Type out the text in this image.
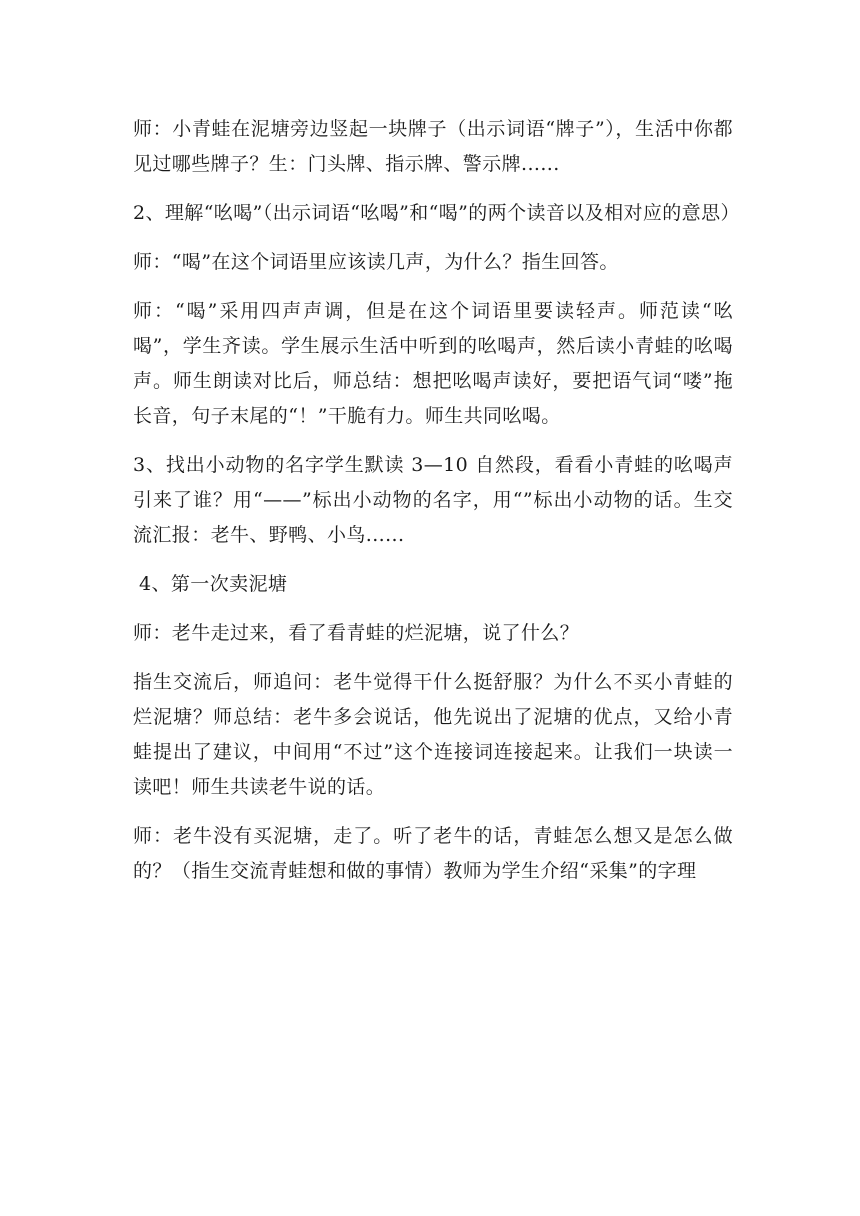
师：小青蛙在泥塘旁边竖起一块牌子（出示词语“牌子”），生活中你都见过哪些牌子？生：门头牌、指示牌、警示牌......

2、理解“吆喝”（出示词语“吆喝”和“喝”的两个读音以及相对应的意思）

师：“喝”在这个词语里应该读几声，为什么？指生回答。

师：“喝”采用四声声调，但是在这个词语里要读轻声。师范读“吆喝”，学生齐读。学生展示生活中听到的吆喝声，然后读小青蛙的吆喝声。师生朗读对比后，师总结：想把吆喝声读好，要把语气词“喽”拖长音，句子末尾的“！”干脆有力。师生共同吆喝。

3、找出小动物的名字学生默读 3—10 自然段，看看小青蛙的吆喝声引来了谁？用“——”标出小动物的名字，用“”标出小动物的话。生交流汇报：老牛、野鸭、小鸟......

4、第一次卖泥塘

师：老牛走过来，看了看青蛙的烂泥塘，说了什么？

指生交流后，师追问：老牛觉得干什么挺舒服？为什么不买小青蛙的烂泥塘？师总结：老牛多会说话，他先说出了泥塘的优点，又给小青蛙提出了建议，中间用“不过”这个连接词连接起来。让我们一块读一读吧！师生共读老牛说的话。

师：老牛没有买泥塘，走了。听了老牛的话，青蛙怎么想又是怎么做的？（指生交流青蛙想和做的事情）教师为学生介绍“采集”的字理
